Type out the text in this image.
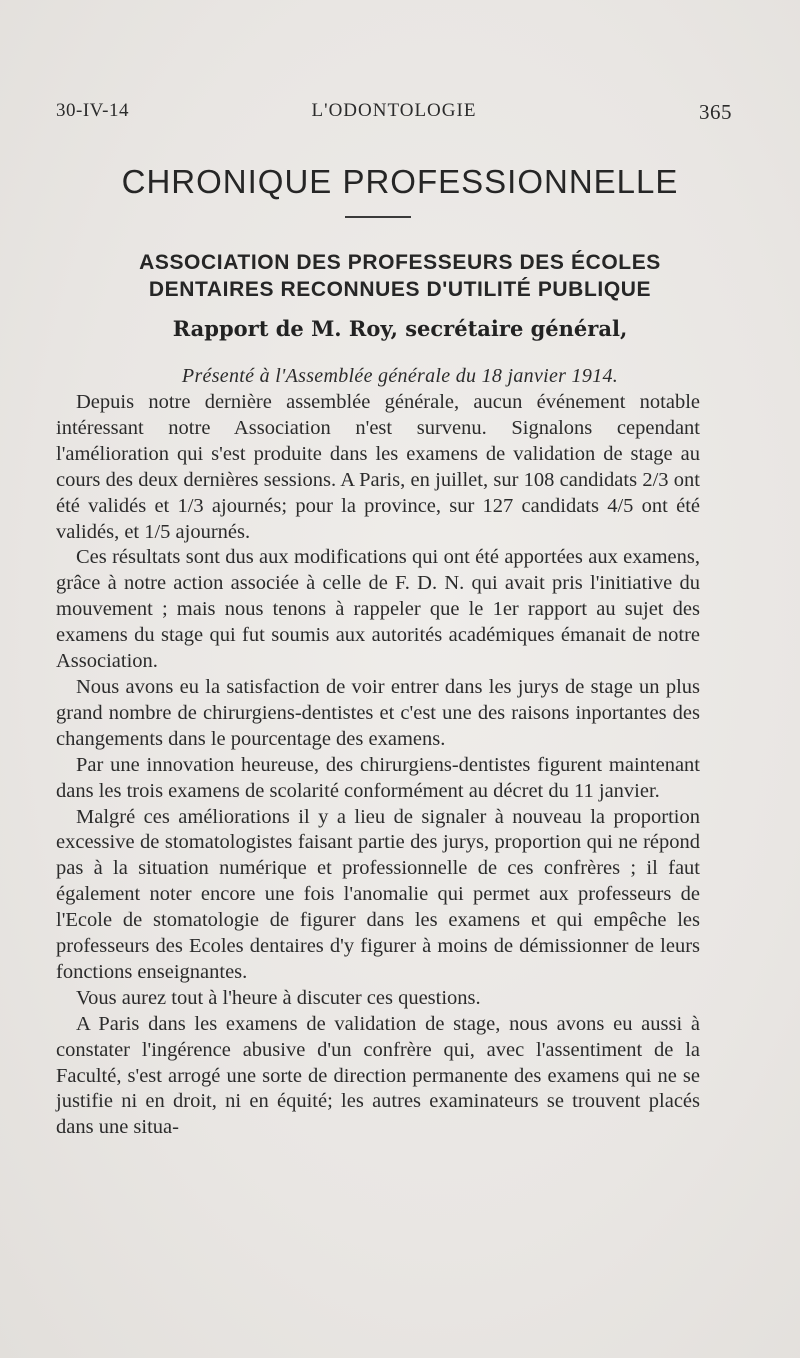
30-IV-14	L'ODONTOLOGIE	365
CHRONIQUE PROFESSIONNELLE
ASSOCIATION DES PROFESSEURS DES ÉCOLES
DENTAIRES RECONNUES D'UTILITÉ PUBLIQUE
Rapport de M. Roy, secrétaire général,
Présenté à l'Assemblée générale du 18 janvier 1914.

Depuis notre dernière assemblée générale, aucun événement notable intéressant notre Association n'est survenu. Signalons cependant l'amélioration qui s'est produite dans les examens de validation de stage au cours des deux dernières sessions. A Paris, en juillet, sur 108 candidats 2/3 ont été validés et 1/3 ajournés; pour la province, sur 127 candidats 4/5 ont été validés, et 1/5 ajournés.

Ces résultats sont dus aux modifications qui ont été apportées aux examens, grâce à notre action associée à celle de F. D. N. qui avait pris l'initiative du mouvement ; mais nous tenons à rappeler que le 1er rapport au sujet des examens du stage qui fut soumis aux autorités académiques émanait de notre Association.

Nous avons eu la satisfaction de voir entrer dans les jurys de stage un plus grand nombre de chirurgiens-dentistes et c'est une des raisons inportantes des changements dans le pourcentage des examens.

Par une innovation heureuse, des chirurgiens-dentistes figurent maintenant dans les trois examens de scolarité conformément au décret du 11 janvier.

Malgré ces améliorations il y a lieu de signaler à nouveau la proportion excessive de stomatologistes faisant partie des jurys, proportion qui ne répond pas à la situation numérique et professionnelle de ces confrères ; il faut également noter encore une fois l'anomalie qui permet aux professeurs de l'Ecole de stomatologie de figurer dans les examens et qui empêche les professeurs des Ecoles dentaires d'y figurer à moins de démissionner de leurs fonctions enseignantes.

Vous aurez tout à l'heure à discuter ces questions.

A Paris dans les examens de validation de stage, nous avons eu aussi à constater l'ingérence abusive d'un confrère qui, avec l'assentiment de la Faculté, s'est arrogé une sorte de direction permanente des examens qui ne se justifie ni en droit, ni en équité; les autres examinateurs se trouvent placés dans une situa-
